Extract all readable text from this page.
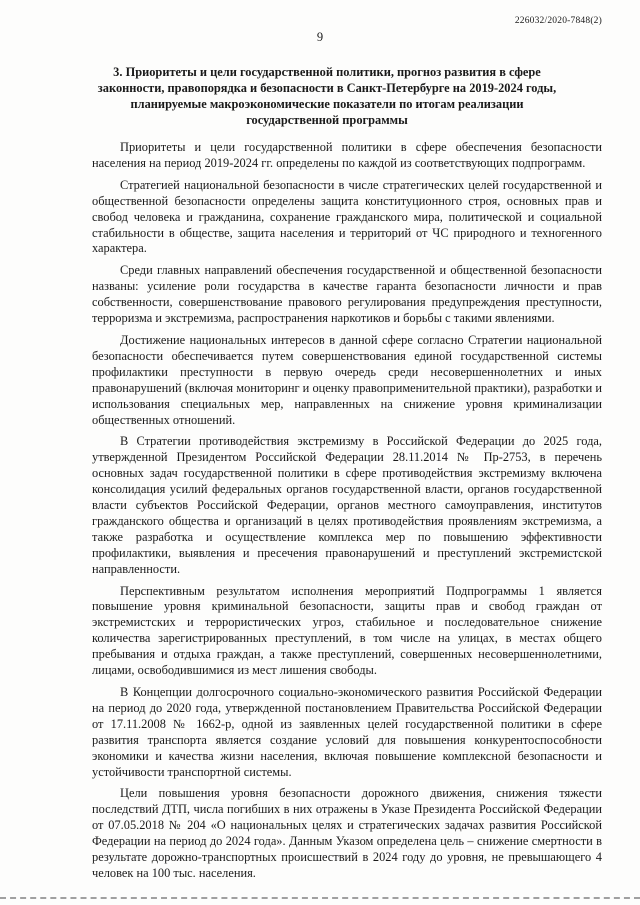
226032/2020-7848(2)
9
3. Приоритеты и цели государственной политики, прогноз развития в сфере законности, правопорядка и безопасности в Санкт-Петербурге на 2019-2024 годы, планируемые макроэкономические показатели по итогам реализации государственной программы

Приоритеты и цели государственной политики в сфере обеспечения безопасности населения на период 2019-2024 гг. определены по каждой из соответствующих подпрограмм.

Стратегией национальной безопасности в числе стратегических целей государственной и общественной безопасности определены защита конституционного строя, основных прав и свобод человека и гражданина, сохранение гражданского мира, политической и социальной стабильности в обществе, защита населения и территорий от ЧС природного и техногенного характера.

Среди главных направлений обеспечения государственной и общественной безопасности названы: усиление роли государства в качестве гаранта безопасности личности и прав собственности, совершенствование правового регулирования предупреждения преступности, терроризма и экстремизма, распространения наркотиков и борьбы с такими явлениями.

Достижение национальных интересов в данной сфере согласно Стратегии национальной безопасности обеспечивается путем совершенствования единой государственной системы профилактики преступности в первую очередь среди несовершеннолетних и иных правонарушений (включая мониторинг и оценку правоприменительной практики), разработки и использования специальных мер, направленных на снижение уровня криминализации общественных отношений.

В Стратегии противодействия экстремизму в Российской Федерации до 2025 года, утвержденной Президентом Российской Федерации 28.11.2014 № Пр-2753, в перечень основных задач государственной политики в сфере противодействия экстремизму включена консолидация усилий федеральных органов государственной власти, органов государственной власти субъектов Российской Федерации, органов местного самоуправления, институтов гражданского общества и организаций в целях противодействия проявлениям экстремизма, а также разработка и осуществление комплекса мер по повышению эффективности профилактики, выявления и пресечения правонарушений и преступлений экстремистской направленности.

Перспективным результатом исполнения мероприятий Подпрограммы 1 является повышение уровня криминальной безопасности, защиты прав и свобод граждан от экстремистских и террористических угроз, стабильное и последовательное снижение количества зарегистрированных преступлений, в том числе на улицах, в местах общего пребывания и отдыха граждан, а также преступлений, совершенных несовершеннолетними, лицами, освободившимися из мест лишения свободы.

В Концепции долгосрочного социально-экономического развития Российской Федерации на период до 2020 года, утвержденной постановлением Правительства Российской Федерации от 17.11.2008 № 1662-р, одной из заявленных целей государственной политики в сфере развития транспорта является создание условий для повышения конкурентоспособности экономики и качества жизни населения, включая повышение комплексной безопасности и устойчивости транспортной системы.

Цели повышения уровня безопасности дорожного движения, снижения тяжести последствий ДТП, числа погибших в них отражены в Указе Президента Российской Федерации от 07.05.2018 № 204 «О национальных целях и стратегических задачах развития Российской Федерации на период до 2024 года». Данным Указом определена цель – снижение смертности в результате дорожно-транспортных происшествий в 2024 году до уровня, не превышающего 4 человек на 100 тыс. населения.
